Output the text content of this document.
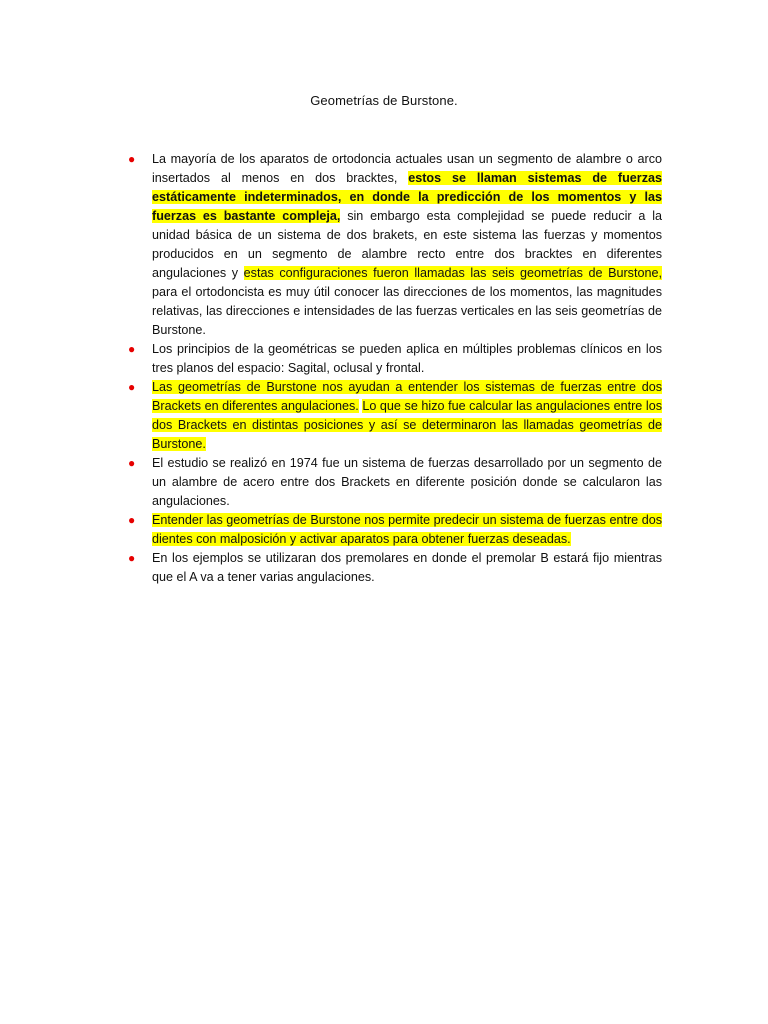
Geometrías de Burstone.
● La mayoría de los aparatos de ortodoncia actuales usan un segmento de alambre o arco insertados al menos en dos bracktes, estos se llaman sistemas de fuerzas estáticamente indeterminados, en donde la predicción de los momentos y las fuerzas es bastante compleja, sin embargo esta complejidad se puede reducir a la unidad básica de un sistema de dos brakets, en este sistema las fuerzas y momentos producidos en un segmento de alambre recto entre dos bracktes en diferentes angulaciones y estas configuraciones fueron llamadas las seis geometrías de Burstone, para el ortodoncista es muy útil conocer las direcciones de los momentos, las magnitudes relativas, las direcciones e intensidades de las fuerzas verticales en las seis geometrías de Burstone.
● Los principios de la geométricas se pueden aplica en múltiples problemas clínicos en los tres planos del espacio: Sagital, oclusal y frontal.
● Las geometrías de Burstone nos ayudan a entender los sistemas de fuerzas entre dos Brackets en diferentes angulaciones. Lo que se hizo fue calcular las angulaciones entre los dos Brackets en distintas posiciones y así se determinaron las llamadas geometrías de Burstone.
● El estudio se realizó en 1974 fue un sistema de fuerzas desarrollado por un segmento de un alambre de acero entre dos Brackets en diferente posición donde se calcularon las angulaciones.
● Entender las geometrías de Burstone nos permite predecir un sistema de fuerzas entre dos dientes con malposición y activar aparatos para obtener fuerzas deseadas.
● En los ejemplos se utilizaran dos premolares en donde el premolar B estará fijo mientras que el A va a tener varias angulaciones.
